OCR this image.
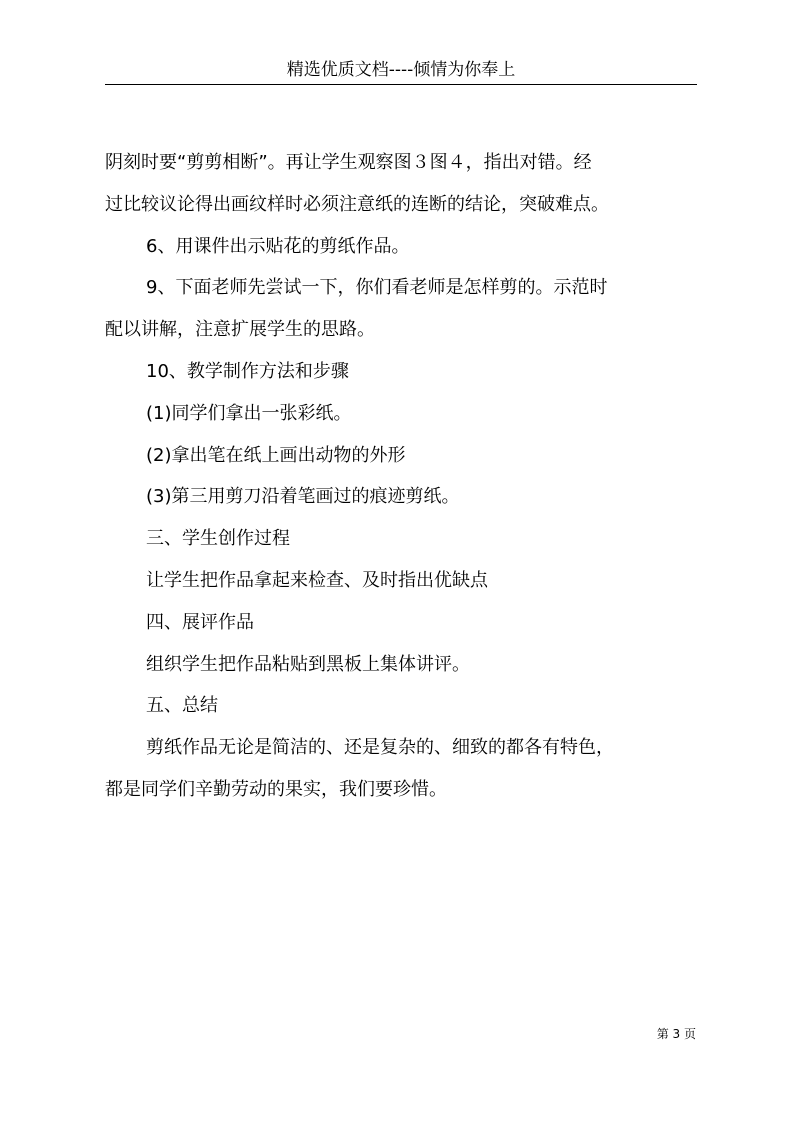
精选优质文档----倾情为你奉上

阴刻时要“剪剪相断”。再让学生观察图３图４，指出对错。经

过比较议论得出画纹样时必须注意纸的连断的结论，突破难点。

6、用课件出示贴花的剪纸作品。

9、下面老师先尝试一下，你们看老师是怎样剪的。示范时

配以讲解，注意扩展学生的思路。

10、教学制作方法和步骤

(1)同学们拿出一张彩纸。

(2)拿出笔在纸上画出动物的外形

(3)第三用剪刀沿着笔画过的痕迹剪纸。

三、学生创作过程

让学生把作品拿起来检查、及时指出优缺点

四、展评作品

组织学生把作品粘贴到黑板上集体讲评。

五、总结

剪纸作品无论是简洁的、还是复杂的、细致的都各有特色，

都是同学们辛勤劳动的果实，我们要珍惜。

第 3 页
